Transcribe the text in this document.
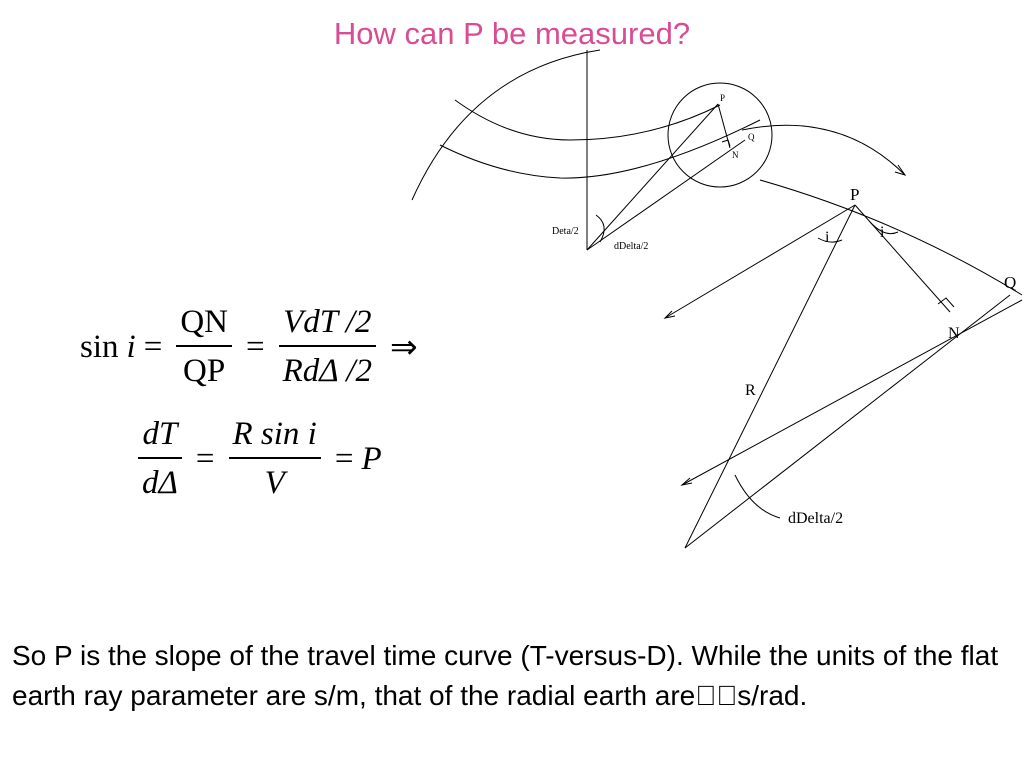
How can P be measured?
P
Q
N
Deta/2
dDelta/2
P
Q
N
R
i	i
dDelta/2
$\sin i = \frac{QN}{QP} = \frac{\text{VdT /2}}{\text{RdΔ /2}}$ ⇒
$\frac{dT}{d\Delta} = \frac{\text{R sin i}}{V} = P$
So P is the slope of the travel time curve (T-versus-D). While the units of the flat earth ray parameter are s/m, that of the radial earth are  s/rad.
